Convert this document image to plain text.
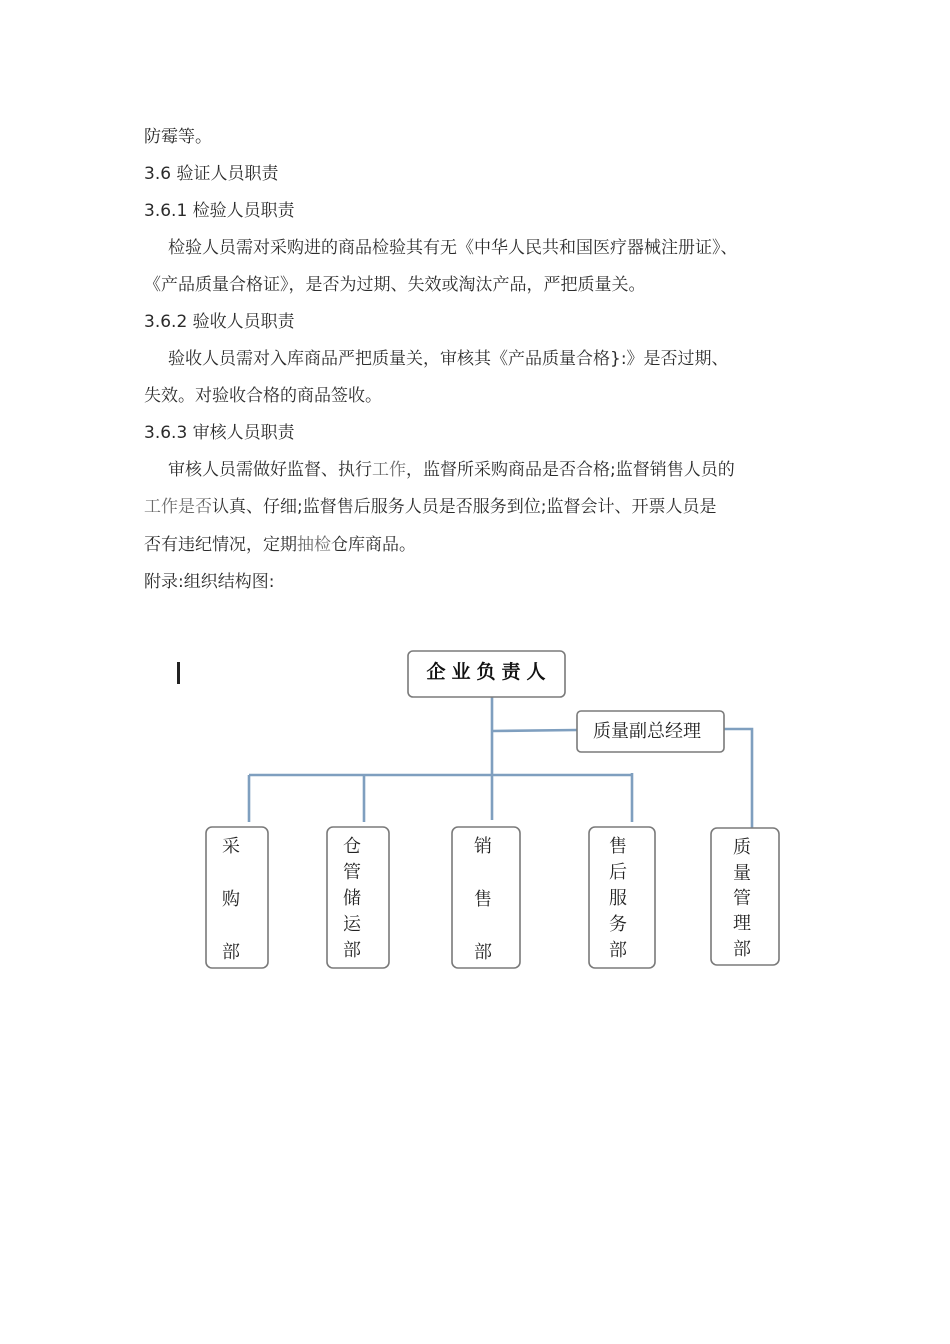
防霉等。
3.6 验证人员职责
3.6.1 检验人员职责
检验人员需对采购进的商品检验其有无《中华人民共和国医疗器械注册证》、
《产品质量合格证》，是否为过期、失效或淘汰产品，严把质量关。
3.6.2 验收人员职责
验收人员需对入库商品严把质量关，审核其《产品质量合格}:》是否过期、
失效。对验收合格的商品签收。
3.6.3 审核人员职责
审核人员需做好监督、执行工作，监督所采购商品是否合格;监督销售人员的
工作是否认真、仔细;监督售后服务人员是否服务到位;监督会计、开票人员是
否有违纪情况，定期抽检仓库商品。
附录:组织结构图:
企业负责人
质量副总经理
采购部
仓管储运部
销售部
售后服务部
质量管理部
